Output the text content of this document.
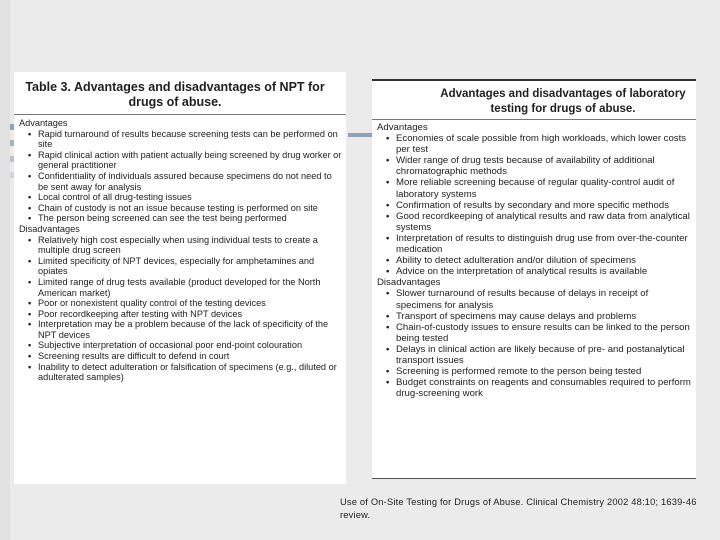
Table 3. Advantages and disadvantages of NPT for drugs of abuse.
Advantages
• Rapid turnaround of results because screening tests can be performed on site
• Rapid clinical action with patient actually being screened by drug worker or general practitioner
• Confidentiality of individuals assured because specimens do not need to be sent away for analysis
• Local control of all drug-testing issues
• Chain of custody is not an issue because testing is performed on site
• The person being screened can see the test being performed
Disadvantages
• Relatively high cost especially when using individual tests to create a multiple drug screen
• Limited specificity of NPT devices, especially for amphetamines and opiates
• Limited range of drug tests available (product developed for the North American market)
• Poor or nonexistent quality control of the testing devices
• Poor recordkeeping after testing with NPT devices
• Interpretation may be a problem because of the lack of specificity of the NPT devices
• Subjective interpretation of occasional poor end-point colouration
• Screening results are difficult to defend in court
• Inability to detect adulteration or falsification of specimens (e.g., diluted or adulterated samples)
Advantages and disadvantages of laboratory testing for drugs of abuse.
Advantages
• Economies of scale possible from high workloads, which lower costs per test
• Wider range of drug tests because of availability of additional chromatographic methods
• More reliable screening because of regular quality-control audit of laboratory systems
• Confirmation of results by secondary and more specific methods
• Good recordkeeping of analytical results and raw data from analytical systems
• Interpretation of results to distinguish drug use from over-the-counter medication
• Ability to detect adulteration and/or dilution of specimens
• Advice on the interpretation of analytical results is available
Disadvantages
• Slower turnaround of results because of delays in receipt of specimens for analysis
• Transport of specimens may cause delays and problems
• Chain-of-custody issues to ensure results can be linked to the person being tested
• Delays in clinical action are likely because of pre- and postanalytical transport issues
• Screening is performed remote to the person being tested
• Budget constraints on reagents and consumables required to perform drug-screening work
Use of On-Site Testing for Drugs of Abuse. Clinical Chemistry 2002 48:10; 1639-46 review.
